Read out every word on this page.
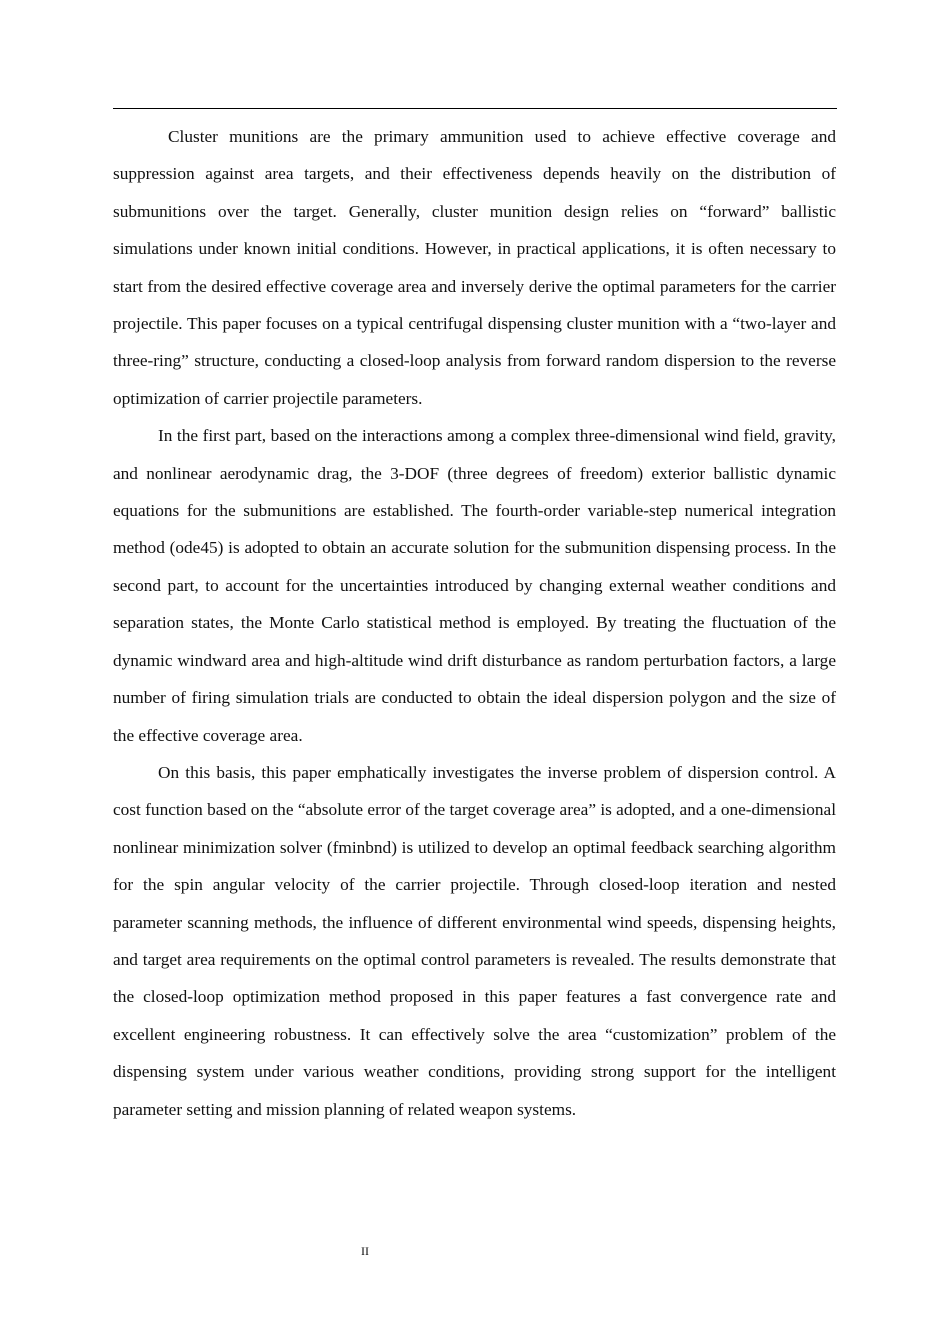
Cluster munitions are the primary ammunition used to achieve effective coverage and suppression against area targets, and their effectiveness depends heavily on the distribution of submunitions over the target. Generally, cluster munition design relies on “forward” ballistic simulations under known initial conditions. However, in practical applications, it is often necessary to start from the desired effective coverage area and inversely derive the optimal parameters for the carrier projectile. This paper focuses on a typical centrifugal dispensing cluster munition with a “two-layer and three-ring” structure, conducting a closed-loop analysis from forward random dispersion to the reverse optimization of carrier projectile parameters.

In the first part, based on the interactions among a complex three-dimensional wind field, gravity, and nonlinear aerodynamic drag, the 3-DOF (three degrees of freedom) exterior ballistic dynamic equations for the submunitions are established. The fourth-order variable-step numerical integration method (ode45) is adopted to obtain an accurate solution for the submunition dispensing process. In the second part, to account for the uncertainties introduced by changing external weather conditions and separation states, the Monte Carlo statistical method is employed. By treating the fluctuation of the dynamic windward area and high-altitude wind drift disturbance as random perturbation factors, a large number of firing simulation trials are conducted to obtain the ideal dispersion polygon and the size of the effective coverage area.

On this basis, this paper emphatically investigates the inverse problem of dispersion control. A cost function based on the “absolute error of the target coverage area” is adopted, and a one-dimensional nonlinear minimization solver (fminbnd) is utilized to develop an optimal feedback searching algorithm for the spin angular velocity of the carrier projectile. Through closed-loop iteration and nested parameter scanning methods, the influence of different environmental wind speeds, dispensing heights, and target area requirements on the optimal control parameters is revealed. The results demonstrate that the closed-loop optimization method proposed in this paper features a fast convergence rate and excellent engineering robustness. It can effectively solve the area “customization” problem of the dispensing system under various weather conditions, providing strong support for the intelligent parameter setting and mission planning of related weapon systems.

II
